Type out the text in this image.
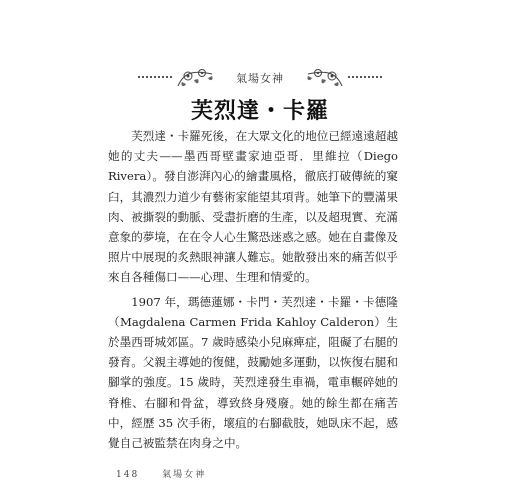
氣場女神
芙烈達・卡羅

芙烈達・卡羅死後，在大眾文化的地位已經遠遠超越她的丈夫——墨西哥壁畫家迪亞哥．里維拉（Diego Rivera）。發自澎湃內心的繪畫風格，徹底打破傳統的窠臼，其濃烈力道少有藝術家能望其項背。她筆下的豐滿果肉、被撕裂的動脈、受盡折磨的生產，以及超現實、充滿意象的夢境，在在令人心生驚恐迷惑之感。她在自畫像及照片中展現的炙熱眼神讓人難忘。她散發出來的痛苦似乎來自各種傷口——心理、生理和情愛的。

1907 年，瑪德蓮娜・卡門・芙烈達・卡羅・卡德隆（Magdalena Carmen Frida Kahloy Calderon）生於墨西哥城郊區。7 歲時感染小兒麻痺症，阻礙了右腿的發育。父親主導她的復健，鼓勵她多運動，以恢復右腿和腳掌的強度。15 歲時，芙烈達發生車禍，電車輾碎她的脊椎、右腳和骨盆，導致終身殘廢。她的餘生都在痛苦中，經歷 35 次手術，壞疽的右腳截肢，她臥床不起，感覺自己被監禁在肉身之中。

148	氣場女神
